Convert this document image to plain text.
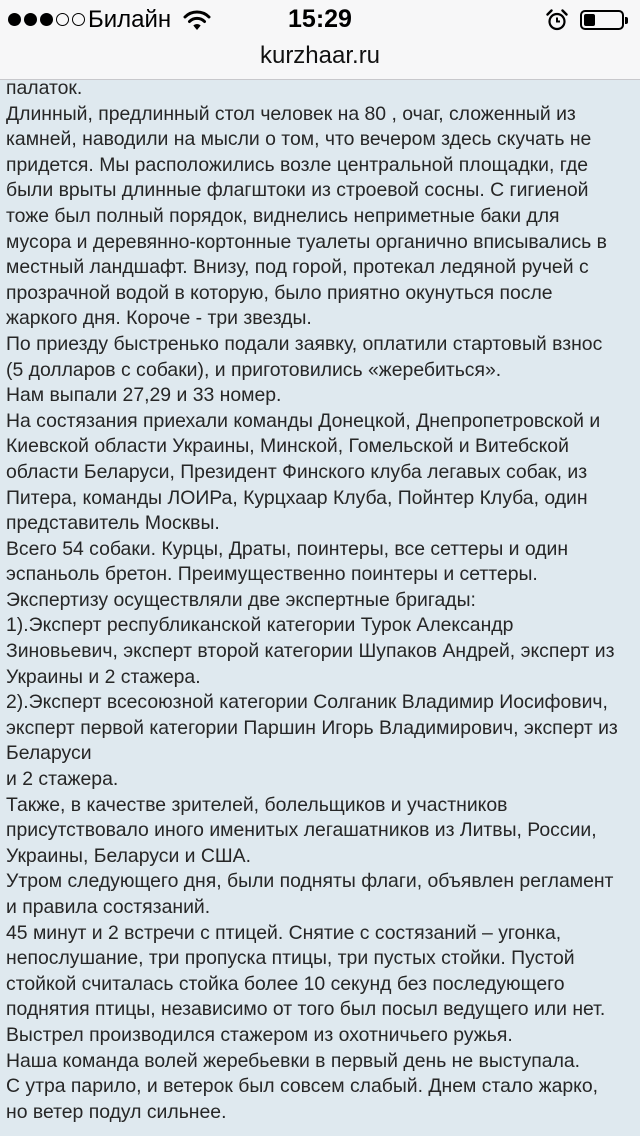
Билайн	15:29
kurzhaar.ru

палаток.

Длинный, предлинный стол человек на 80 , очаг, сложенный из

камней, наводили на мысли о том, что вечером здесь скучать не

придется. Мы расположились возле центральной площадки, где

были врыты длинные флагштоки из строевой сосны. С гигиеной

тоже был полный порядок, виднелись неприметные баки для

мусора и деревянно-кортонные туалеты органично вписывались в

местный ландшафт. Внизу, под горой, протекал ледяной ручей с

прозрачной водой в которую, было приятно окунуться после

жаркого дня. Короче - три звезды.

По приезду быстренько подали заявку, оплатили стартовый взнос

(5 долларов с собаки), и приготовились «жеребиться».

Нам выпали 27,29 и 33 номер.

На состязания приехали команды Донецкой, Днепропетровской и

Киевской области Украины, Минской, Гомельской и Витебской

области Беларуси, Президент Финского клуба легавых собак, из

Питера, команды ЛОИРа, Курцхаар Клуба, Пойнтер Клуба, один

представитель Москвы.

Всего 54 собаки. Курцы, Драты, поинтеры, все сеттеры и один

эспаньоль бретон. Преимущественно поинтеры и сеттеры.

Экспертизу осуществляли две экспертные бригады:

1).Эксперт республиканской категории Турок Александр

Зиновьевич, эксперт второй категории Шупаков Андрей, эксперт из

Украины и 2 стажера.

2).Эксперт всесоюзной категории Солганик Владимир Иосифович,

эксперт первой категории Паршин Игорь Владимирович, эксперт из

Беларуси

и 2 стажера.

Также, в качестве зрителей, болельщиков и участников

присутствовало иного именитых легашатников из Литвы, России,

Украины, Беларуси и США.

Утром следующего дня, были подняты флаги, объявлен регламент

и правила состязаний.

45 минут и 2 встречи с птицей. Снятие с состязаний – угонка,

непослушание, три пропуска птицы, три пустых стойки. Пустой

стойкой считалась стойка более 10 секунд без последующего

поднятия птицы, независимо от того был посыл ведущего или нет.

Выстрел производился стажером из охотничьего ружья.

Наша команда волей жеребьевки в первый день не выступала.

С утра парило, и ветерок был совсем слабый. Днем стало жарко,

но ветер подул сильнее.
